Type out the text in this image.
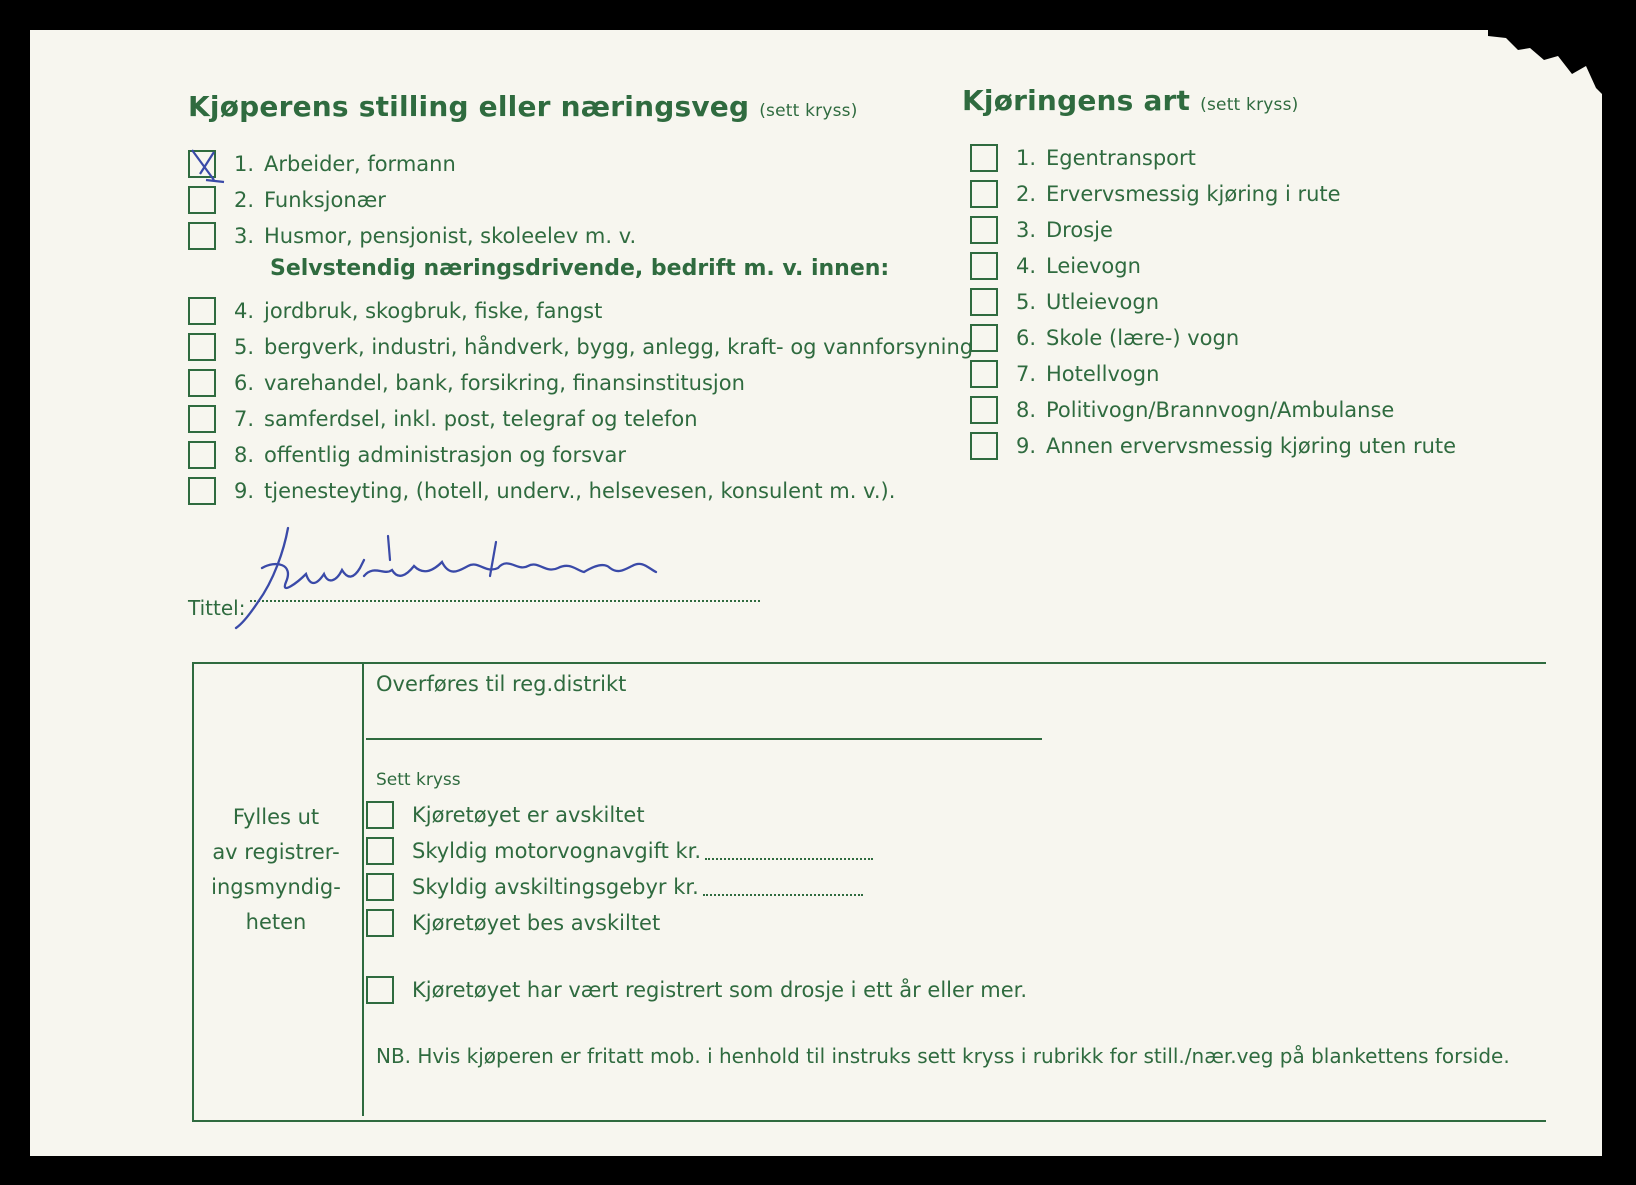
Kjøperens stilling eller næringsveg (sett kryss)
1. Arbeider, formann
2. Funksjonær
3. Husmor, pensjonist, skoleelev m. v.
Selvstendig næringsdrivende, bedrift m. v. innen:
4. jordbruk, skogbruk, fiske, fangst
5. bergverk, industri, håndverk, bygg, anlegg, kraft- og vannforsyning
6. varehandel, bank, forsikring, finansinstitusjon
7. samferdsel, inkl. post, telegraf og telefon
8. offentlig administrasjon og forsvar
9. tjenesteyting, (hotell, underv., helsevesen, konsulent m. v.).
Tittel:
Kjøringens art (sett kryss)
1. Egentransport
2. Ervervsmessig kjøring i rute
3. Drosje
4. Leievogn
5. Utleievogn
6. Skole (lære-) vogn
7. Hotellvogn
8. Politivogn/Brannvogn/Ambulanse
9. Annen ervervsmessig kjøring uten rute
Fylles ut
av registrer-
ingsmyndig-
heten
Overføres til reg.distrikt
Sett kryss
Kjøretøyet er avskiltet
Skyldig motorvognavgift kr.
Skyldig avskiltingsgebyr kr.
Kjøretøyet bes avskiltet
Kjøretøyet har vært registrert som drosje i ett år eller mer.
NB. Hvis kjøperen er fritatt mob. i henhold til instruks sett kryss i rubrikk for still./nær.veg på blankettens forside.
